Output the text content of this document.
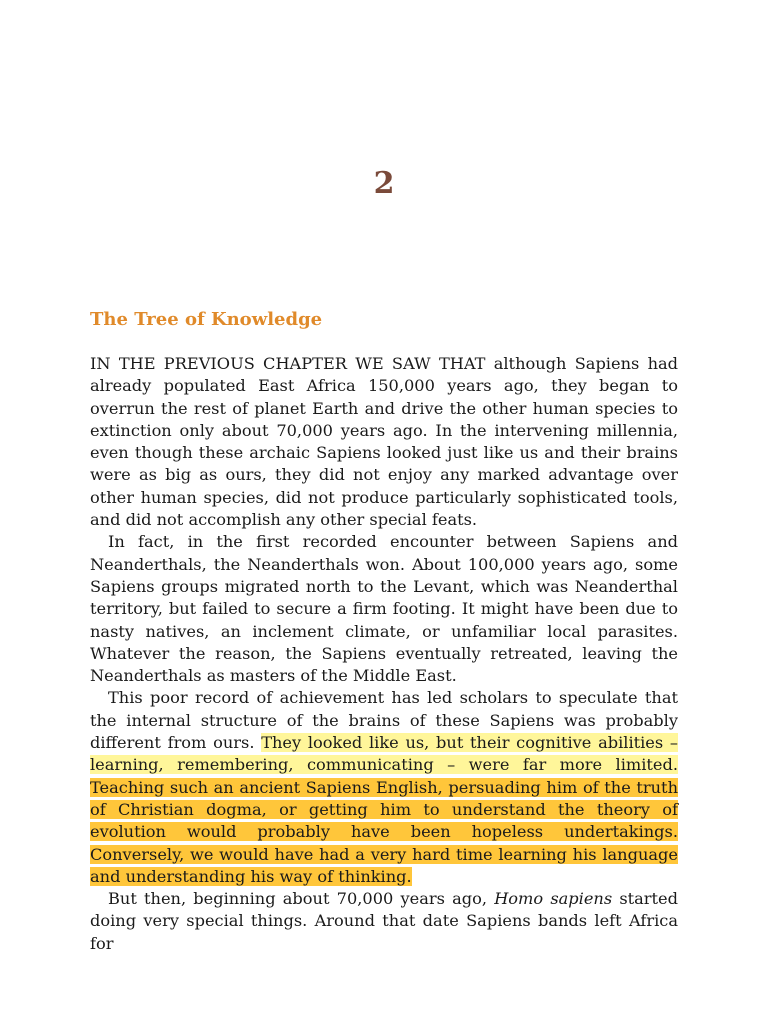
2
The Tree of Knowledge

IN THE PREVIOUS CHAPTER WE SAW THAT although Sapiens had already populated East Africa 150,000 years ago, they began to overrun the rest of planet Earth and drive the other human species to extinction only about 70,000 years ago. In the intervening millennia, even though these archaic Sapiens looked just like us and their brains were as big as ours, they did not enjoy any marked advantage over other human species, did not produce particularly sophisticated tools, and did not accomplish any other special feats.

In fact, in the first recorded encounter between Sapiens and Neanderthals, the Neanderthals won. About 100,000 years ago, some Sapiens groups migrated north to the Levant, which was Neanderthal territory, but failed to secure a firm footing. It might have been due to nasty natives, an inclement climate, or unfamiliar local parasites. Whatever the reason, the Sapiens eventually retreated, leaving the Neanderthals as masters of the Middle East.

This poor record of achievement has led scholars to speculate that the internal structure of the brains of these Sapiens was probably different from ours. They looked like us, but their cognitive abilities – learning, remembering, communicating – were far more limited. Teaching such an ancient Sapiens English, persuading him of the truth of Christian dogma, or getting him to understand the theory of evolution would probably have been hopeless undertakings. Conversely, we would have had a very hard time learning his language and understanding his way of thinking.

But then, beginning about 70,000 years ago, Homo sapiens started doing very special things. Around that date Sapiens bands left Africa for
